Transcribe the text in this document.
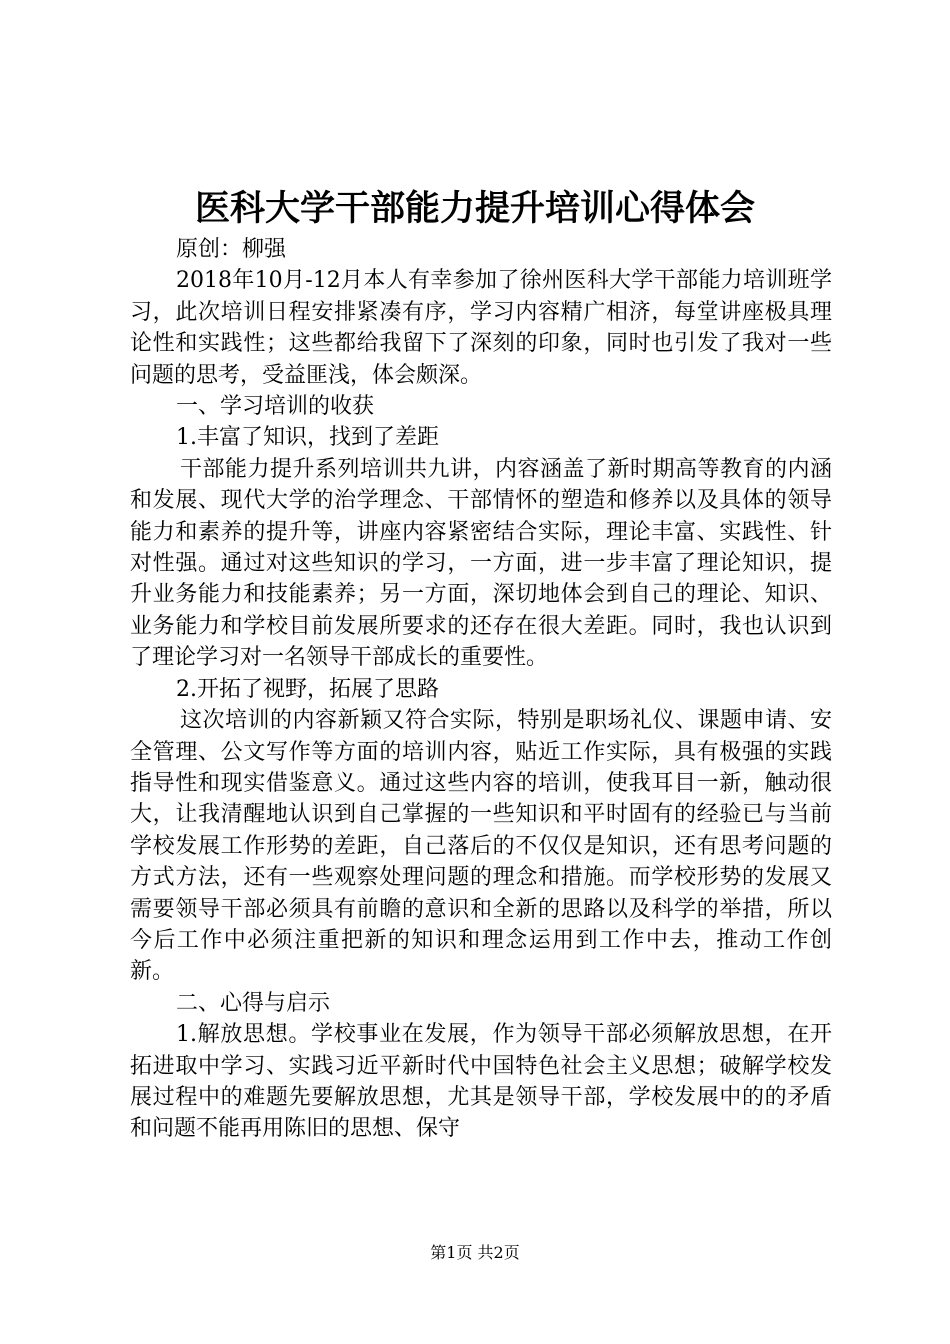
医科大学干部能力提升培训心得体会

原创：柳强

2018年10月-12月本人有幸参加了徐州医科大学干部能力培训班学习，此次培训日程安排紧凑有序，学习内容精广相济，每堂讲座极具理论性和实践性；这些都给我留下了深刻的印象，同时也引发了我对一些问题的思考，受益匪浅，体会颇深。

一、学习培训的收获

1.丰富了知识，找到了差距

干部能力提升系列培训共九讲，内容涵盖了新时期高等教育的内涵和发展、现代大学的治学理念、干部情怀的塑造和修养以及具体的领导能力和素养的提升等，讲座内容紧密结合实际，理论丰富、实践性、针对性强。通过对这些知识的学习，一方面，进一步丰富了理论知识，提升业务能力和技能素养；另一方面，深切地体会到自己的理论、知识、业务能力和学校目前发展所要求的还存在很大差距。同时，我也认识到了理论学习对一名领导干部成长的重要性。

2.开拓了视野，拓展了思路

这次培训的内容新颖又符合实际，特别是职场礼仪、课题申请、安全管理、公文写作等方面的培训内容，贴近工作实际，具有极强的实践指导性和现实借鉴意义。通过这些内容的培训，使我耳目一新，触动很大，让我清醒地认识到自己掌握的一些知识和平时固有的经验已与当前学校发展工作形势的差距，自己落后的不仅仅是知识，还有思考问题的方式方法，还有一些观察处理问题的理念和措施。而学校形势的发展又需要领导干部必须具有前瞻的意识和全新的思路以及科学的举措，所以今后工作中必须注重把新的知识和理念运用到工作中去，推动工作创新。

二、心得与启示

1.解放思想。学校事业在发展，作为领导干部必须解放思想，在开拓进取中学习、实践习近平新时代中国特色社会主义思想；破解学校发展过程中的难题先要解放思想，尤其是领导干部，学校发展中的的矛盾和问题不能再用陈旧的思想、保守

第1页 共2页
